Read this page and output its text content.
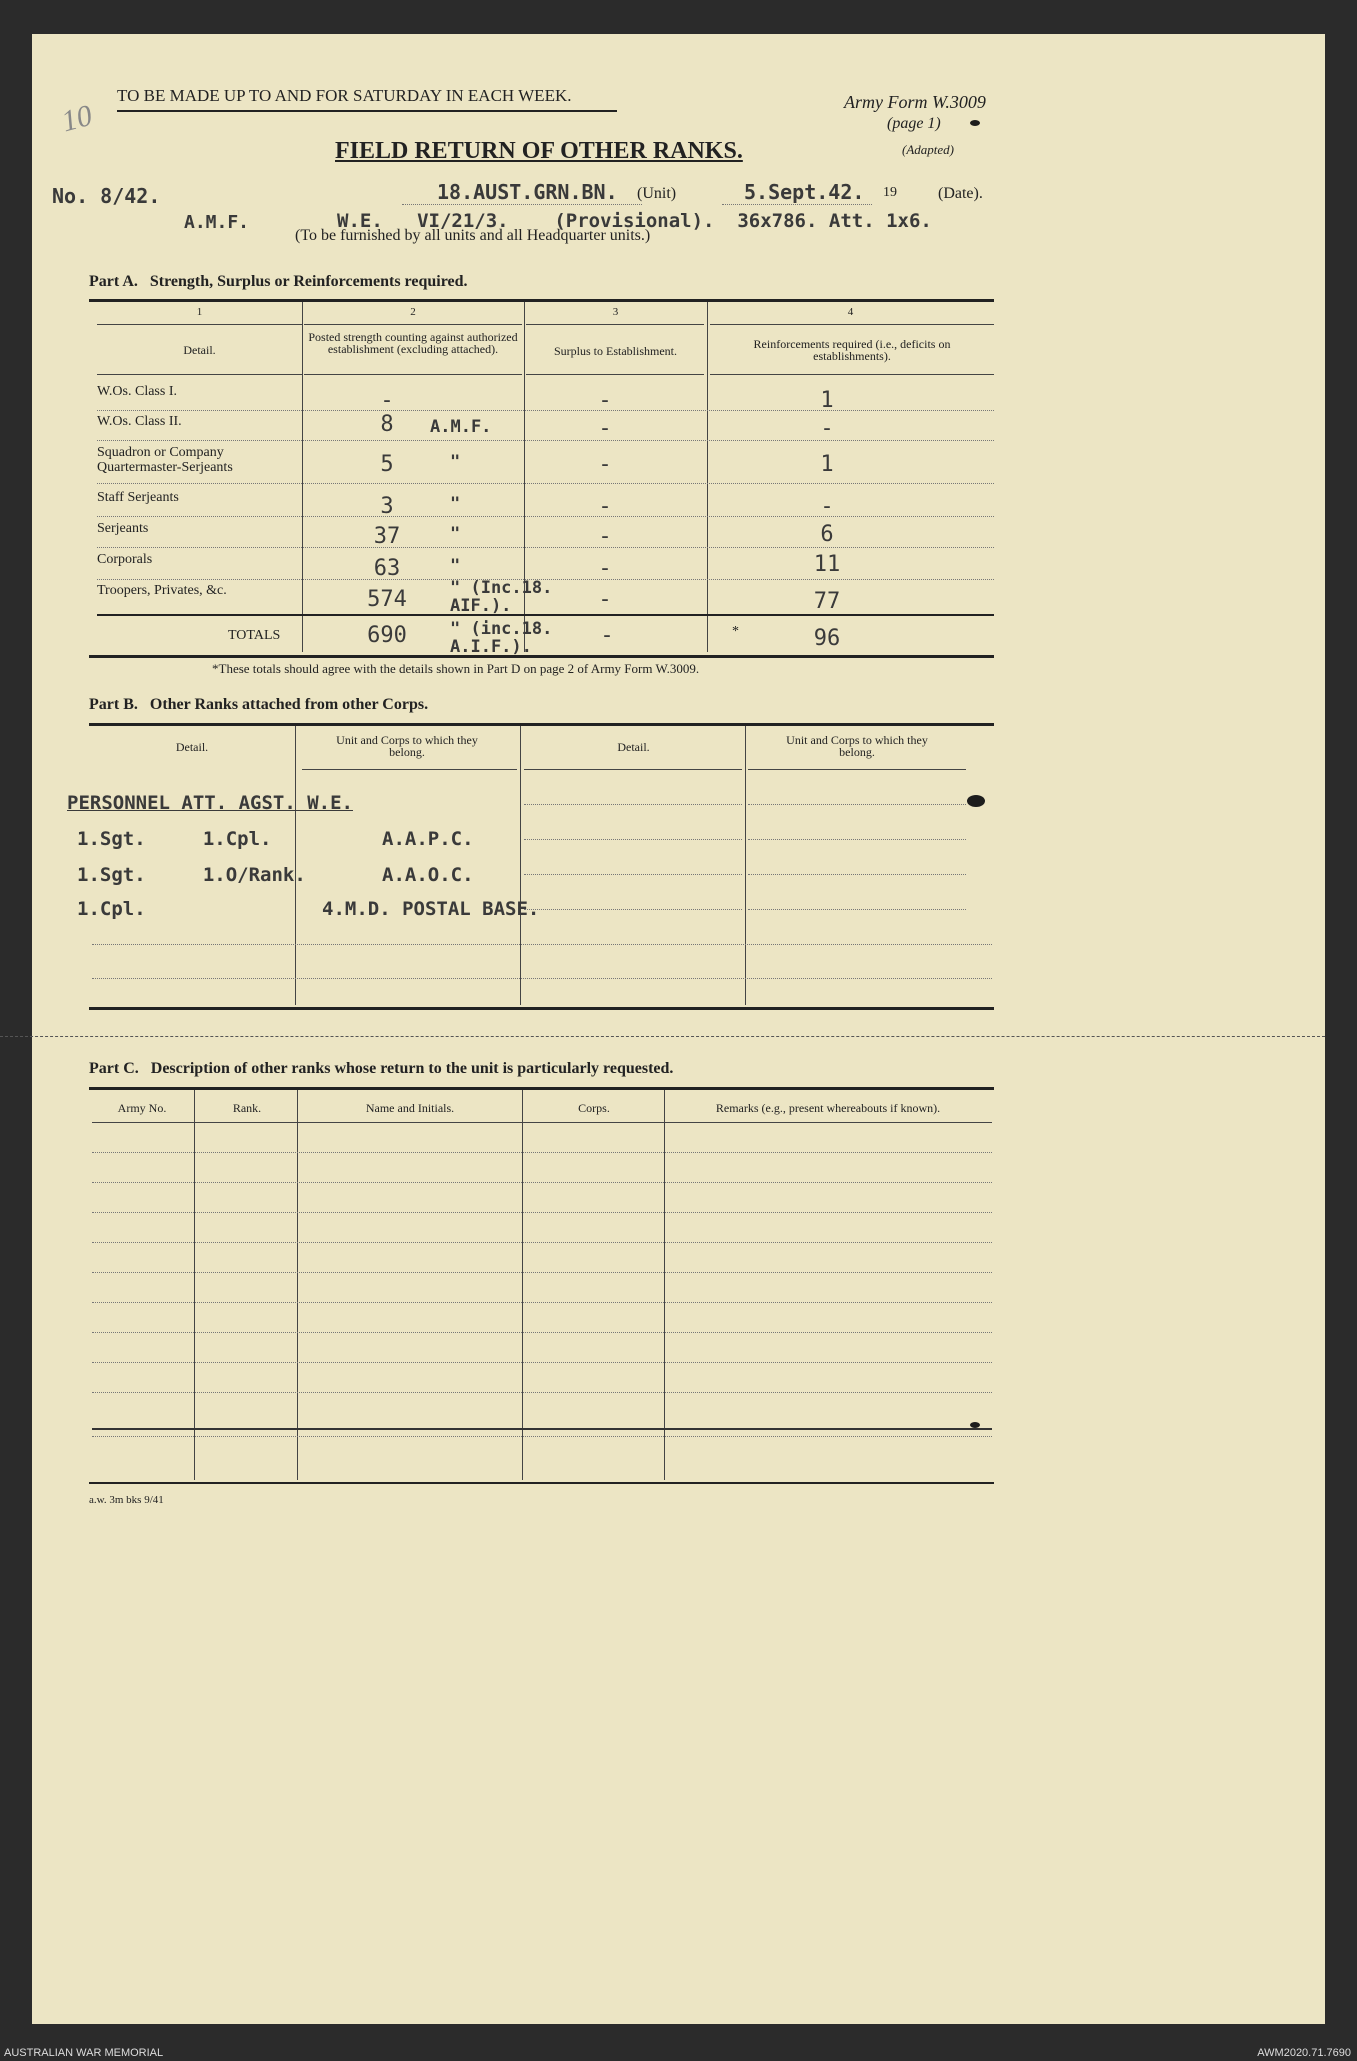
TO BE MADE UP TO AND FOR SATURDAY IN EACH WEEK.	Army Form W.3009
(page 1)
(Adapted)
10
FIELD RETURN OF OTHER RANKS.
No. 8/42.	18.AUST.GRN.BN. (Unit)	5.Sept.42. 19	(Date).
A.M.F.	W.E.   VI/21/3.    (Provisional).  36x786. Att. 1x6.
(To be furnished by all units and all Headquarter units.)
Part A.   Strength, Surplus or Reinforcements required.
1	2	3	4
Detail.
Posted strength counting against authorized establishment (excluding attached).	Surplus to Establishment.	Reinforcements required (i.e., deficits on establishments).
W.Os. Class I.	-	-	1
W.Os. Class II.	8	A.M.F.	-	-
Squadron or Company Quartermaster-Serjeants	5	"	-	1
Staff Serjeants	3	"	-	-
Serjeants	37	"	-	6
Corporals	63	"	-	11
Troopers, Privates, &c.	574	" (Inc.18. AIF.).	-	77
TOTALS	690	" (inc.18. A.I.F.).	-	*	96
*These totals should agree with the details shown in Part D on page 2 of Army Form W.3009.
Part B.   Other Ranks attached from other Corps.
Detail.	Unit and Corps to which they belong.	Detail.	Unit and Corps to which they belong.
PERSONNEL ATT. AGST. W.E.
1.Sgt.     1.Cpl.	A.A.P.C.
1.Sgt.     1.O/Rank.	A.A.O.C.
1.Cpl.	4.M.D. POSTAL BASE.
Part C.   Description of other ranks whose return to the unit is particularly requested.
Army No.	Rank.	Name and Initials.	Corps.	Remarks (e.g., present whereabouts if known).
a.w. 3m bks 9/41
AUSTRALIAN WAR MEMORIAL	AWM2020.71.7690
